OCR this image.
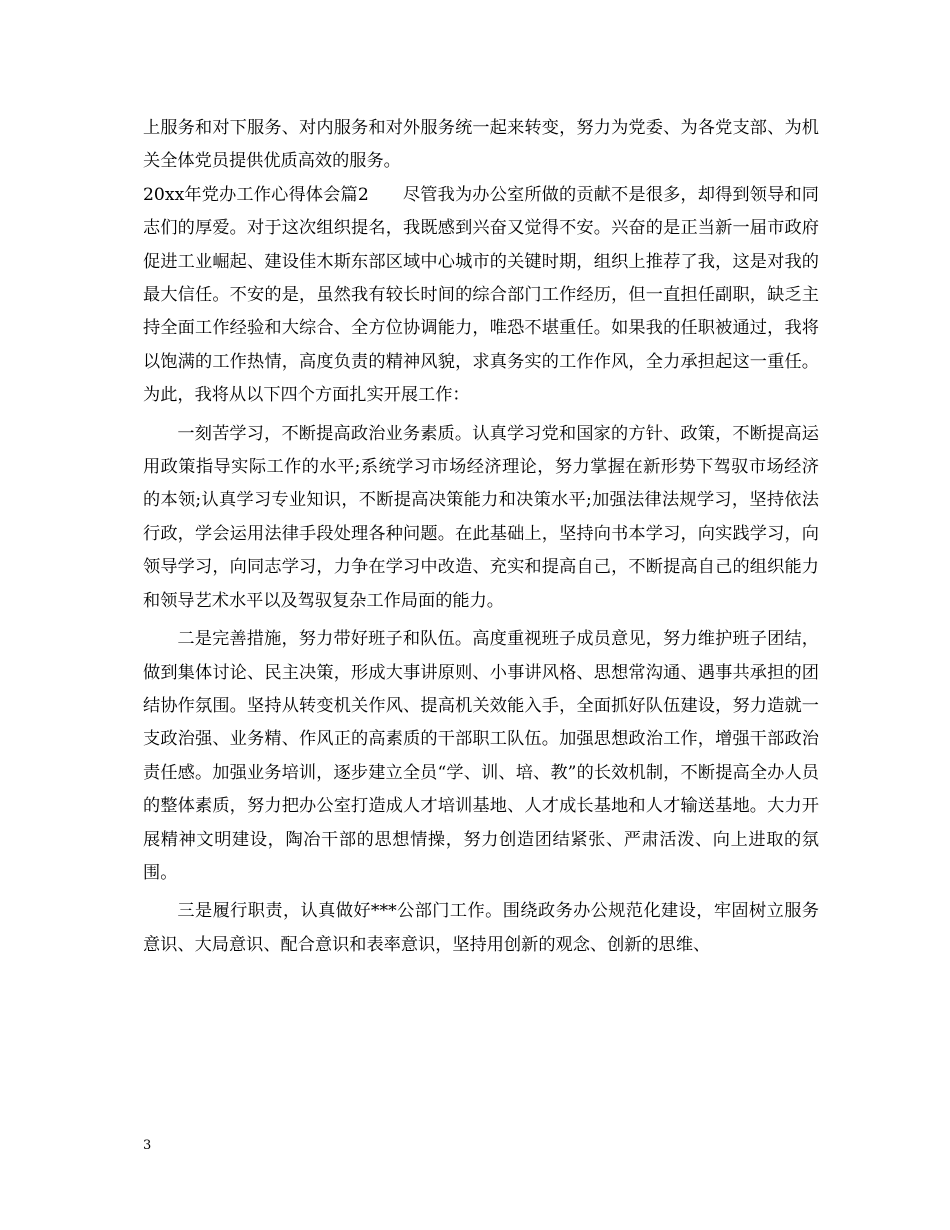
上服务和对下服务、对内服务和对外服务统一起来转变，努力为党委、为各党支部、为机关全体党员提供优质高效的服务。

20xx年党办工作心得体会篇2 尽管我为办公室所做的贡献不是很多，却得到领导和同志们的厚爱。对于这次组织提名，我既感到兴奋又觉得不安。兴奋的是正当新一届市政府促进工业崛起、建设佳木斯东部区域中心城市的关键时期，组织上推荐了我，这是对我的最大信任。不安的是，虽然我有较长时间的综合部门工作经历，但一直担任副职，缺乏主持全面工作经验和大综合、全方位协调能力，唯恐不堪重任。如果我的任职被通过，我将以饱满的工作热情，高度负责的精神风貌，求真务实的工作作风，全力承担起这一重任。为此，我将从以下四个方面扎实开展工作：

一刻苦学习，不断提高政治业务素质。认真学习党和国家的方针、政策，不断提高运用政策指导实际工作的水平;系统学习市场经济理论，努力掌握在新形势下驾驭市场经济的本领;认真学习专业知识，不断提高决策能力和决策水平;加强法律法规学习，坚持依法行政，学会运用法律手段处理各种问题。在此基础上，坚持向书本学习，向实践学习，向领导学习，向同志学习，力争在学习中改造、充实和提高自己，不断提高自己的组织能力和领导艺术水平以及驾驭复杂工作局面的能力。

二是完善措施，努力带好班子和队伍。高度重视班子成员意见，努力维护班子团结，做到集体讨论、民主决策，形成大事讲原则、小事讲风格、思想常沟通、遇事共承担的团结协作氛围。坚持从转变机关作风、提高机关效能入手，全面抓好队伍建设，努力造就一支政治强、业务精、作风正的高素质的干部职工队伍。加强思想政治工作，增强干部政治责任感。加强业务培训，逐步建立全员“学、训、培、教”的长效机制，不断提高全办人员的整体素质，努力把办公室打造成人才培训基地、人才成长基地和人才输送基地。大力开展精神文明建设，陶冶干部的思想情操，努力创造团结紧张、严肃活泼、向上进取的氛围。

三是履行职责，认真做好***公部门工作。围绕政务办公规范化建设，牢固树立服务意识、大局意识、配合意识和表率意识，坚持用创新的观念、创新的思维、

3
